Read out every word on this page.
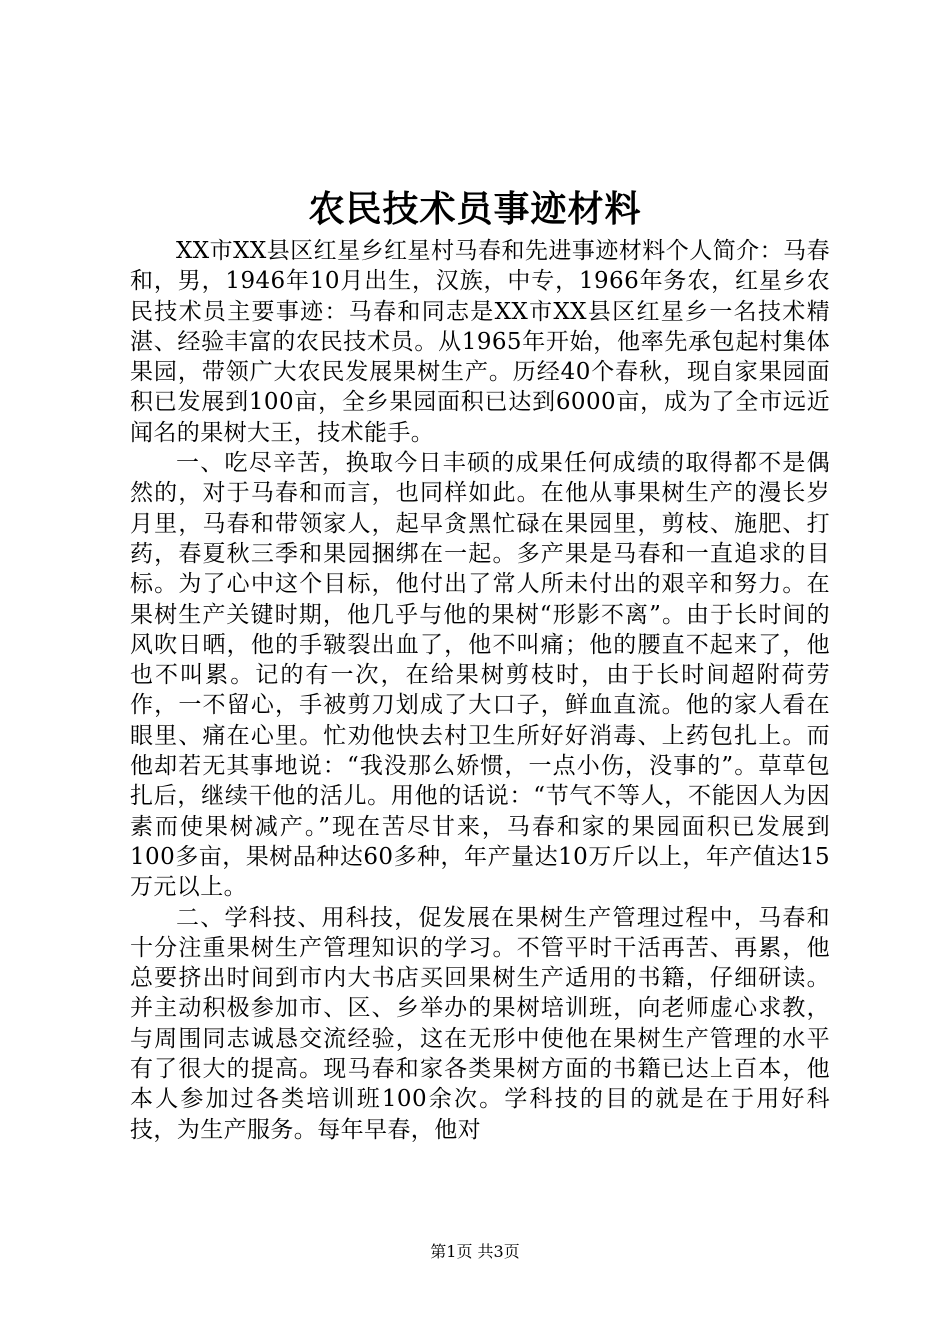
农民技术员事迹材料

XX市XX县区红星乡红星村马春和先进事迹材料个人简介：马春和，男，1946年10月出生，汉族，中专，1966年务农，红星乡农民技术员主要事迹：马春和同志是XX市XX县区红星乡一名技术精湛、经验丰富的农民技术员。从1965年开始，他率先承包起村集体果园，带领广大农民发展果树生产。历经40个春秋，现自家果园面积已发展到100亩，全乡果园面积已达到6000亩，成为了全市远近闻名的果树大王，技术能手。

一、吃尽辛苦，换取今日丰硕的成果任何成绩的取得都不是偶然的，对于马春和而言，也同样如此。在他从事果树生产的漫长岁月里，马春和带领家人，起早贪黑忙碌在果园里，剪枝、施肥、打药，春夏秋三季和果园捆绑在一起。多产果是马春和一直追求的目标。为了心中这个目标，他付出了常人所未付出的艰辛和努力。在果树生产关键时期，他几乎与他的果树“形影不离”。由于长时间的风吹日晒，他的手皲裂出血了，他不叫痛；他的腰直不起来了，他也不叫累。记的有一次，在给果树剪枝时，由于长时间超附荷劳作，一不留心，手被剪刀划成了大口子，鲜血直流。他的家人看在眼里、痛在心里。忙劝他快去村卫生所好好消毒、上药包扎上。而他却若无其事地说：“我没那么娇惯，一点小伤，没事的”。草草包扎后，继续干他的活儿。用他的话说：“节气不等人，不能因人为因素而使果树减产。”现在苦尽甘来，马春和家的果园面积已发展到100多亩，果树品种达60多种，年产量达10万斤以上，年产值达15万元以上。

二、学科技、用科技，促发展在果树生产管理过程中，马春和十分注重果树生产管理知识的学习。不管平时干活再苦、再累，他总要挤出时间到市内大书店买回果树生产适用的书籍，仔细研读。并主动积极参加市、区、乡举办的果树培训班，向老师虚心求教，与周围同志诚恳交流经验，这在无形中使他在果树生产管理的水平有了很大的提高。现马春和家各类果树方面的书籍已达上百本，他本人参加过各类培训班100余次。学科技的目的就是在于用好科技，为生产服务。每年早春，他对

第1页 共3页
